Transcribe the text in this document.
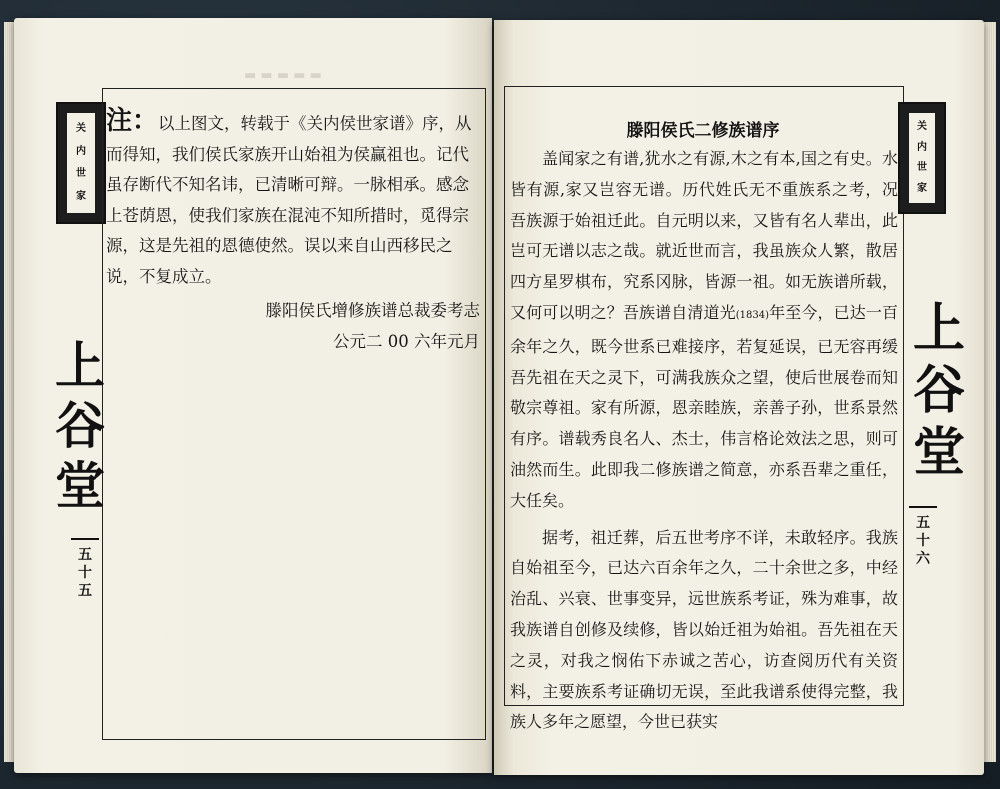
▬ ▬ ▬ ▬ ▬
关
内
世
家
上
谷
堂
五
十
五
注：以上图文，转载于《关内侯世家谱》序，从而得知，我们侯氏家族开山始祖为侯赢祖也。记代虽存断代不知名讳，已清晰可辩。一脉相承。感念上苍荫恩，使我们家族在混沌不知所措时，觅得宗源，这是先祖的恩德使然。误以来自山西移民之说，不复成立。
滕阳侯氏增修族谱总裁委考志
公元二 00 六年元月
关
内
世
家
上
谷
堂
五
十
六
滕阳侯氏二修族谱序

盖闻家之有谱,犹水之有源,木之有本,国之有史。水皆有源,家又岂容无谱。历代姓氏无不重族系之考，况吾族源于始祖迁此。自元明以来，又皆有名人辈出，此岂可无谱以志之哉。就近世而言，我虽族众人繁，散居四方星罗棋布，究系冈脉，皆源一祖。如无族谱所载，又何可以明之？吾族谱自清道光(1834)年至今，已达一百余年之久，既今世系已难接序，若复延误，已无容再缓吾先祖在天之灵下，可满我族众之望，使后世展卷而知敬宗尊祖。家有所源，恩亲睦族，亲善子孙，世系景然有序。谱载秀良名人、杰士，伟言格论效法之思，则可油然而生。此即我二修族谱之简意，亦系吾辈之重任，大任矣。

据考，祖迁葬，后五世考序不详，未敢轻序。我族自始祖至今，已达六百余年之久，二十余世之多，中经治乱、兴衰、世事变异，远世族系考证，殊为难事，故我族谱自创修及续修，皆以始迁祖为始祖。吾先祖在天之灵，对我之悯佑下赤诚之苦心，访查阅历代有关资料，主要族系考证确切无误，至此我谱系使得完整，我族人多年之愿望，今世已获实
